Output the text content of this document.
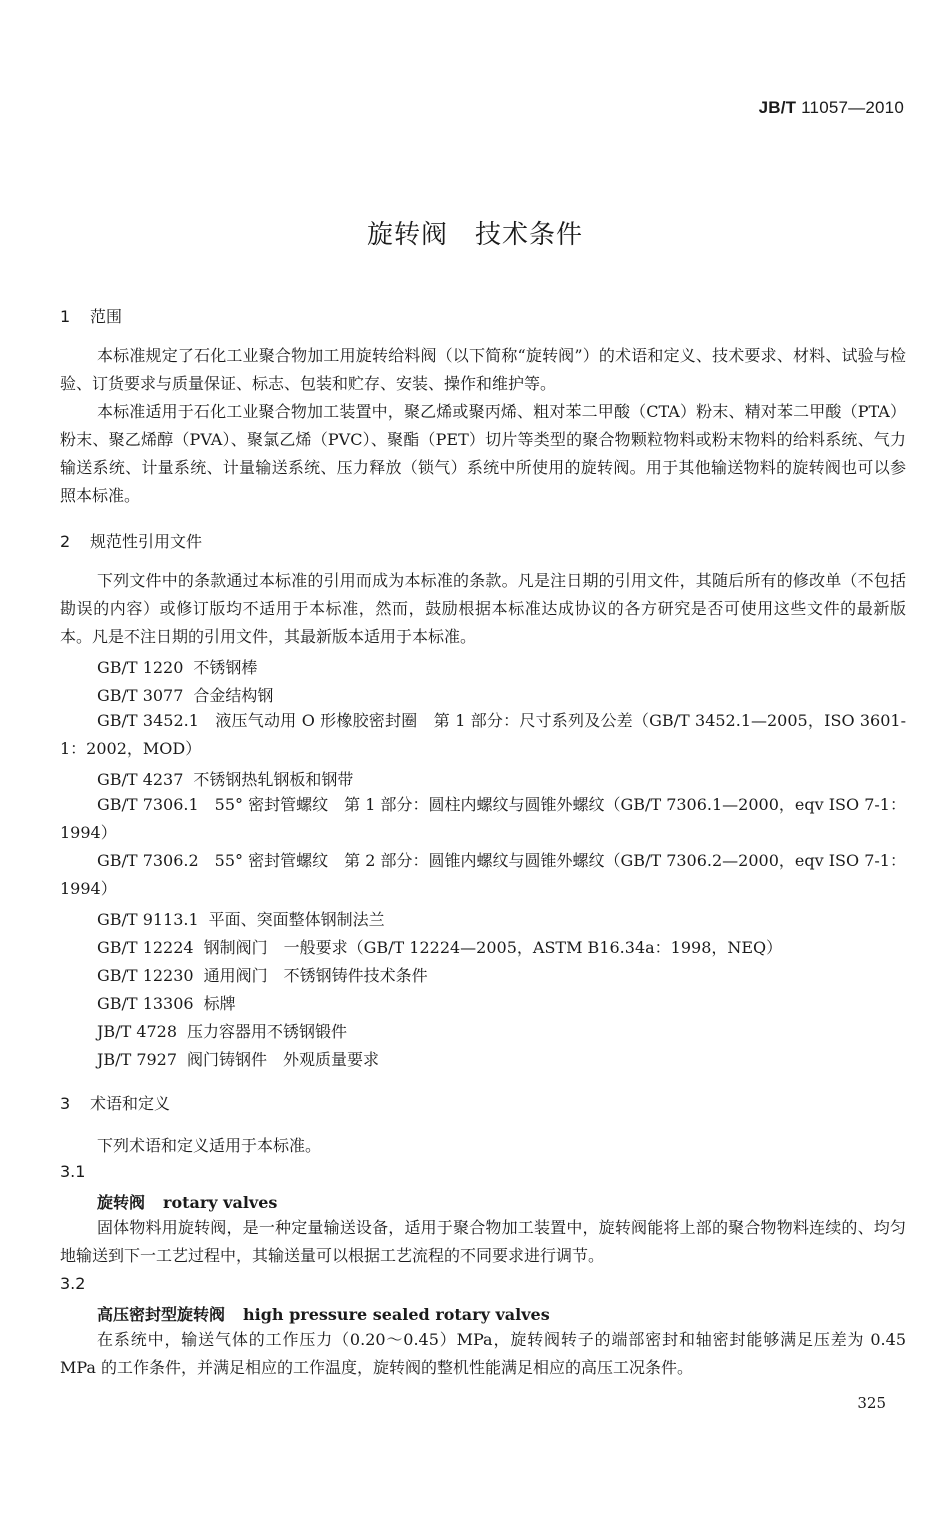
JB/T 11057—2010
旋转阀　技术条件
1 范围

本标准规定了石化工业聚合物加工用旋转给料阀（以下简称“旋转阀”）的术语和定义、技术要求、材料、试验与检验、订货要求与质量保证、标志、包装和贮存、安装、操作和维护等。

本标准适用于石化工业聚合物加工装置中，聚乙烯或聚丙烯、粗对苯二甲酸（CTA）粉末、精对苯二甲酸（PTA）粉末、聚乙烯醇（PVA）、聚氯乙烯（PVC）、聚酯（PET）切片等类型的聚合物颗粒物料或粉末物料的给料系统、气力输送系统、计量系统、计量输送系统、压力释放（锁气）系统中所使用的旋转阀。用于其他输送物料的旋转阀也可以参照本标准。

2 规范性引用文件

下列文件中的条款通过本标准的引用而成为本标准的条款。凡是注日期的引用文件，其随后所有的修改单（不包括勘误的内容）或修订版均不适用于本标准，然而，鼓励根据本标准达成协议的各方研究是否可使用这些文件的最新版本。凡是不注日期的引用文件，其最新版本适用于本标准。

GB/T 1220 不锈钢棒
GB/T 3077 合金结构钢

GB/T 3452.1　液压气动用 O 形橡胶密封圈　第 1 部分：尺寸系列及公差（GB/T 3452.1—2005，ISO 3601-1：2002，MOD）

GB/T 4237 不锈钢热轧钢板和钢带

GB/T 7306.1　55° 密封管螺纹　第 1 部分：圆柱内螺纹与圆锥外螺纹（GB/T 7306.1—2000，eqv ISO 7-1：1994）

GB/T 7306.2　55° 密封管螺纹　第 2 部分：圆锥内螺纹与圆锥外螺纹（GB/T 7306.2—2000，eqv ISO 7-1：1994）

GB/T 9113.1 平面、突面整体钢制法兰
GB/T 12224 钢制阀门　一般要求（GB/T 12224—2005，ASTM B16.34a：1998，NEQ）
GB/T 12230 通用阀门　不锈钢铸件技术条件
GB/T 13306 标牌
JB/T 4728 压力容器用不锈钢锻件
JB/T 7927 阀门铸钢件　外观质量要求
3 术语和定义
下列术语和定义适用于本标准。
3.1
旋转阀 rotary valves

固体物料用旋转阀，是一种定量输送设备，适用于聚合物加工装置中，旋转阀能将上部的聚合物物料连续的、均匀地输送到下一工艺过程中，其输送量可以根据工艺流程的不同要求进行调节。

3.2
高压密封型旋转阀 high pressure sealed rotary valves

在系统中，输送气体的工作压力（0.20～0.45）MPa，旋转阀转子的端部密封和轴密封能够满足压差为 0.45 MPa 的工作条件，并满足相应的工作温度，旋转阀的整机性能满足相应的高压工况条件。

325
